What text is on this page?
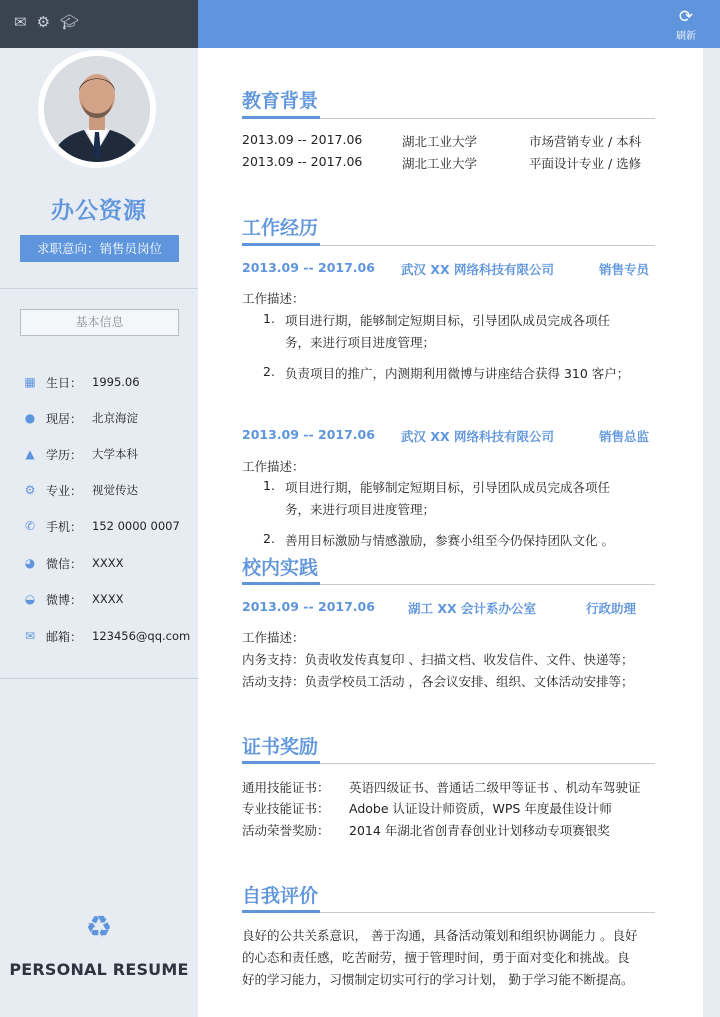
✉ ⚙ 🎓︎	⟳
刷新
办公资源
求职意向：销售员岗位
基本信息
▦ 生日： 1995.06
● 现居： 北京海淀
▲ 学历： 大学本科
⚙ 专业： 视觉传达
✆ 手机： 152 0000 0007
◕ 微信： XXXX
◒ 微博： XXXX
✉ 邮箱： 123456@qq.com
♻
PERSONAL RESUME
教育背景
2013.09 -- 2017.06	湖北工业大学	市场营销专业 / 本科
2013.09 -- 2017.06	湖北工业大学	平面设计专业 / 选修
工作经历
2013.09 -- 2017.06 武汉 XX 网络科技有限公司	销售专员
工作描述：
1. 项目进行期，能够制定短期目标，引导团队成员完成各项任
务，来进行项目进度管理；
2. 负责项目的推广，内测期利用微博与讲座结合获得 310 客户；
2013.09 -- 2017.06 武汉 XX 网络科技有限公司	销售总监
工作描述：
1. 项目进行期，能够制定短期目标，引导团队成员完成各项任
务，来进行项目进度管理；
2. 善用目标激励与情感激励，参赛小组至今仍保持团队文化 。
校内实践
2013.09 -- 2017.06	湖工 XX 会计系办公室	行政助理
工作描述：
内务支持：负责收发传真复印 、扫描文档、收发信件、文件、快递等；
活动支持：负责学校员工活动 ，各会议安排、组织、文体活动安排等；
证书奖励
通用技能证书： 英语四级证书、普通话二级甲等证书 、机动车驾驶证
专业技能证书： Adobe 认证设计师资质，WPS 年度最佳设计师
活动荣誉奖励： 2014 年湖北省创青春创业计划移动专项赛银奖
自我评价
良好的公共关系意识， 善于沟通，具备活动策划和组织协调能力 。良好
的心态和责任感，吃苦耐劳，擅于管理时间，勇于面对变化和挑战。良
好的学习能力，习惯制定切实可行的学习计划， 勤于学习能不断提高。
